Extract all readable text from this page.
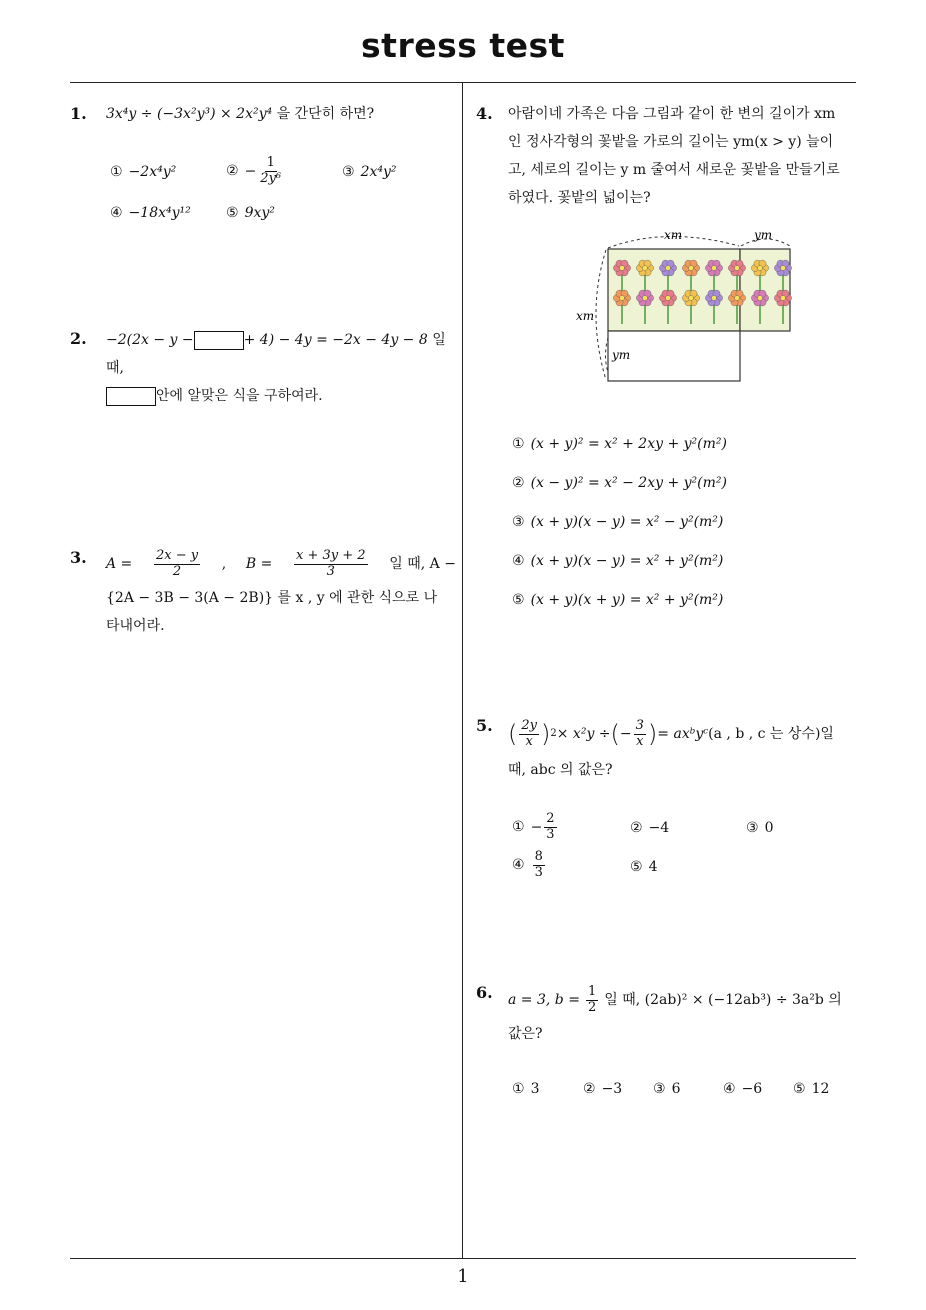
stress test
1
1. 3x⁴y ÷ (−3x²y³) × 2x²y⁴ 을 간단히 하면?
① −2x⁴y²	② − $\frac{1}{\text{2y⁶}}$	③ 2x⁴y²
④ −18x⁴y¹²	⑤ 9xy²
2. −2(2x − y −	+ 4) − 4y = −2x − 4y − 8 일 때,
안에 알맞은 식을 구하여라.
3. $A = \frac{2x - y}{2}$ , $B = \frac{x + 3y + 2}{3}$ 일 때, A −
{2A − 3B − 3(A − 2B)} 를 x , y 에 관한 식으로 나
타내어라.
4. 아람이네 가족은 다음 그림과 같이 한 변의 길이가 xm
인 정사각형의 꽃밭을 가로의 길이는 ym(x > y) 늘이
고, 세로의 길이는 y m 줄여서 새로운 꽃밭을 만들기로
하였다. 꽃밭의 넓이는?
xm	ym
xm
ym
① (x + y)² = x² + 2xy + y²(m²)
② (x − y)² = x² − 2xy + y²(m²)
③ (x + y)(x − y) = x² − y²(m²)
④ (x + y)(x − y) = x² + y²(m²)
⑤ (x + y)(x + y) = x² + y²(m²)
5. ( $\frac{2y}{x}$ ) 2 × x²y ÷ ( − $\frac{3}{x}$ ) = axᵇyᶜ (a , b , c 는 상수)일
때, abc 의 값은?
① − $\frac{2}{3}$	② −4	③ 0
④ $\frac{8}{3}$	⑤ 4
6. a = 3, $b = \frac{1}{2}$ 일 때, (2ab)² × (−12ab³) ÷ 3a²b 의
값은?
① 3	② −3 ③ 6	④ −6 ⑤ 12
